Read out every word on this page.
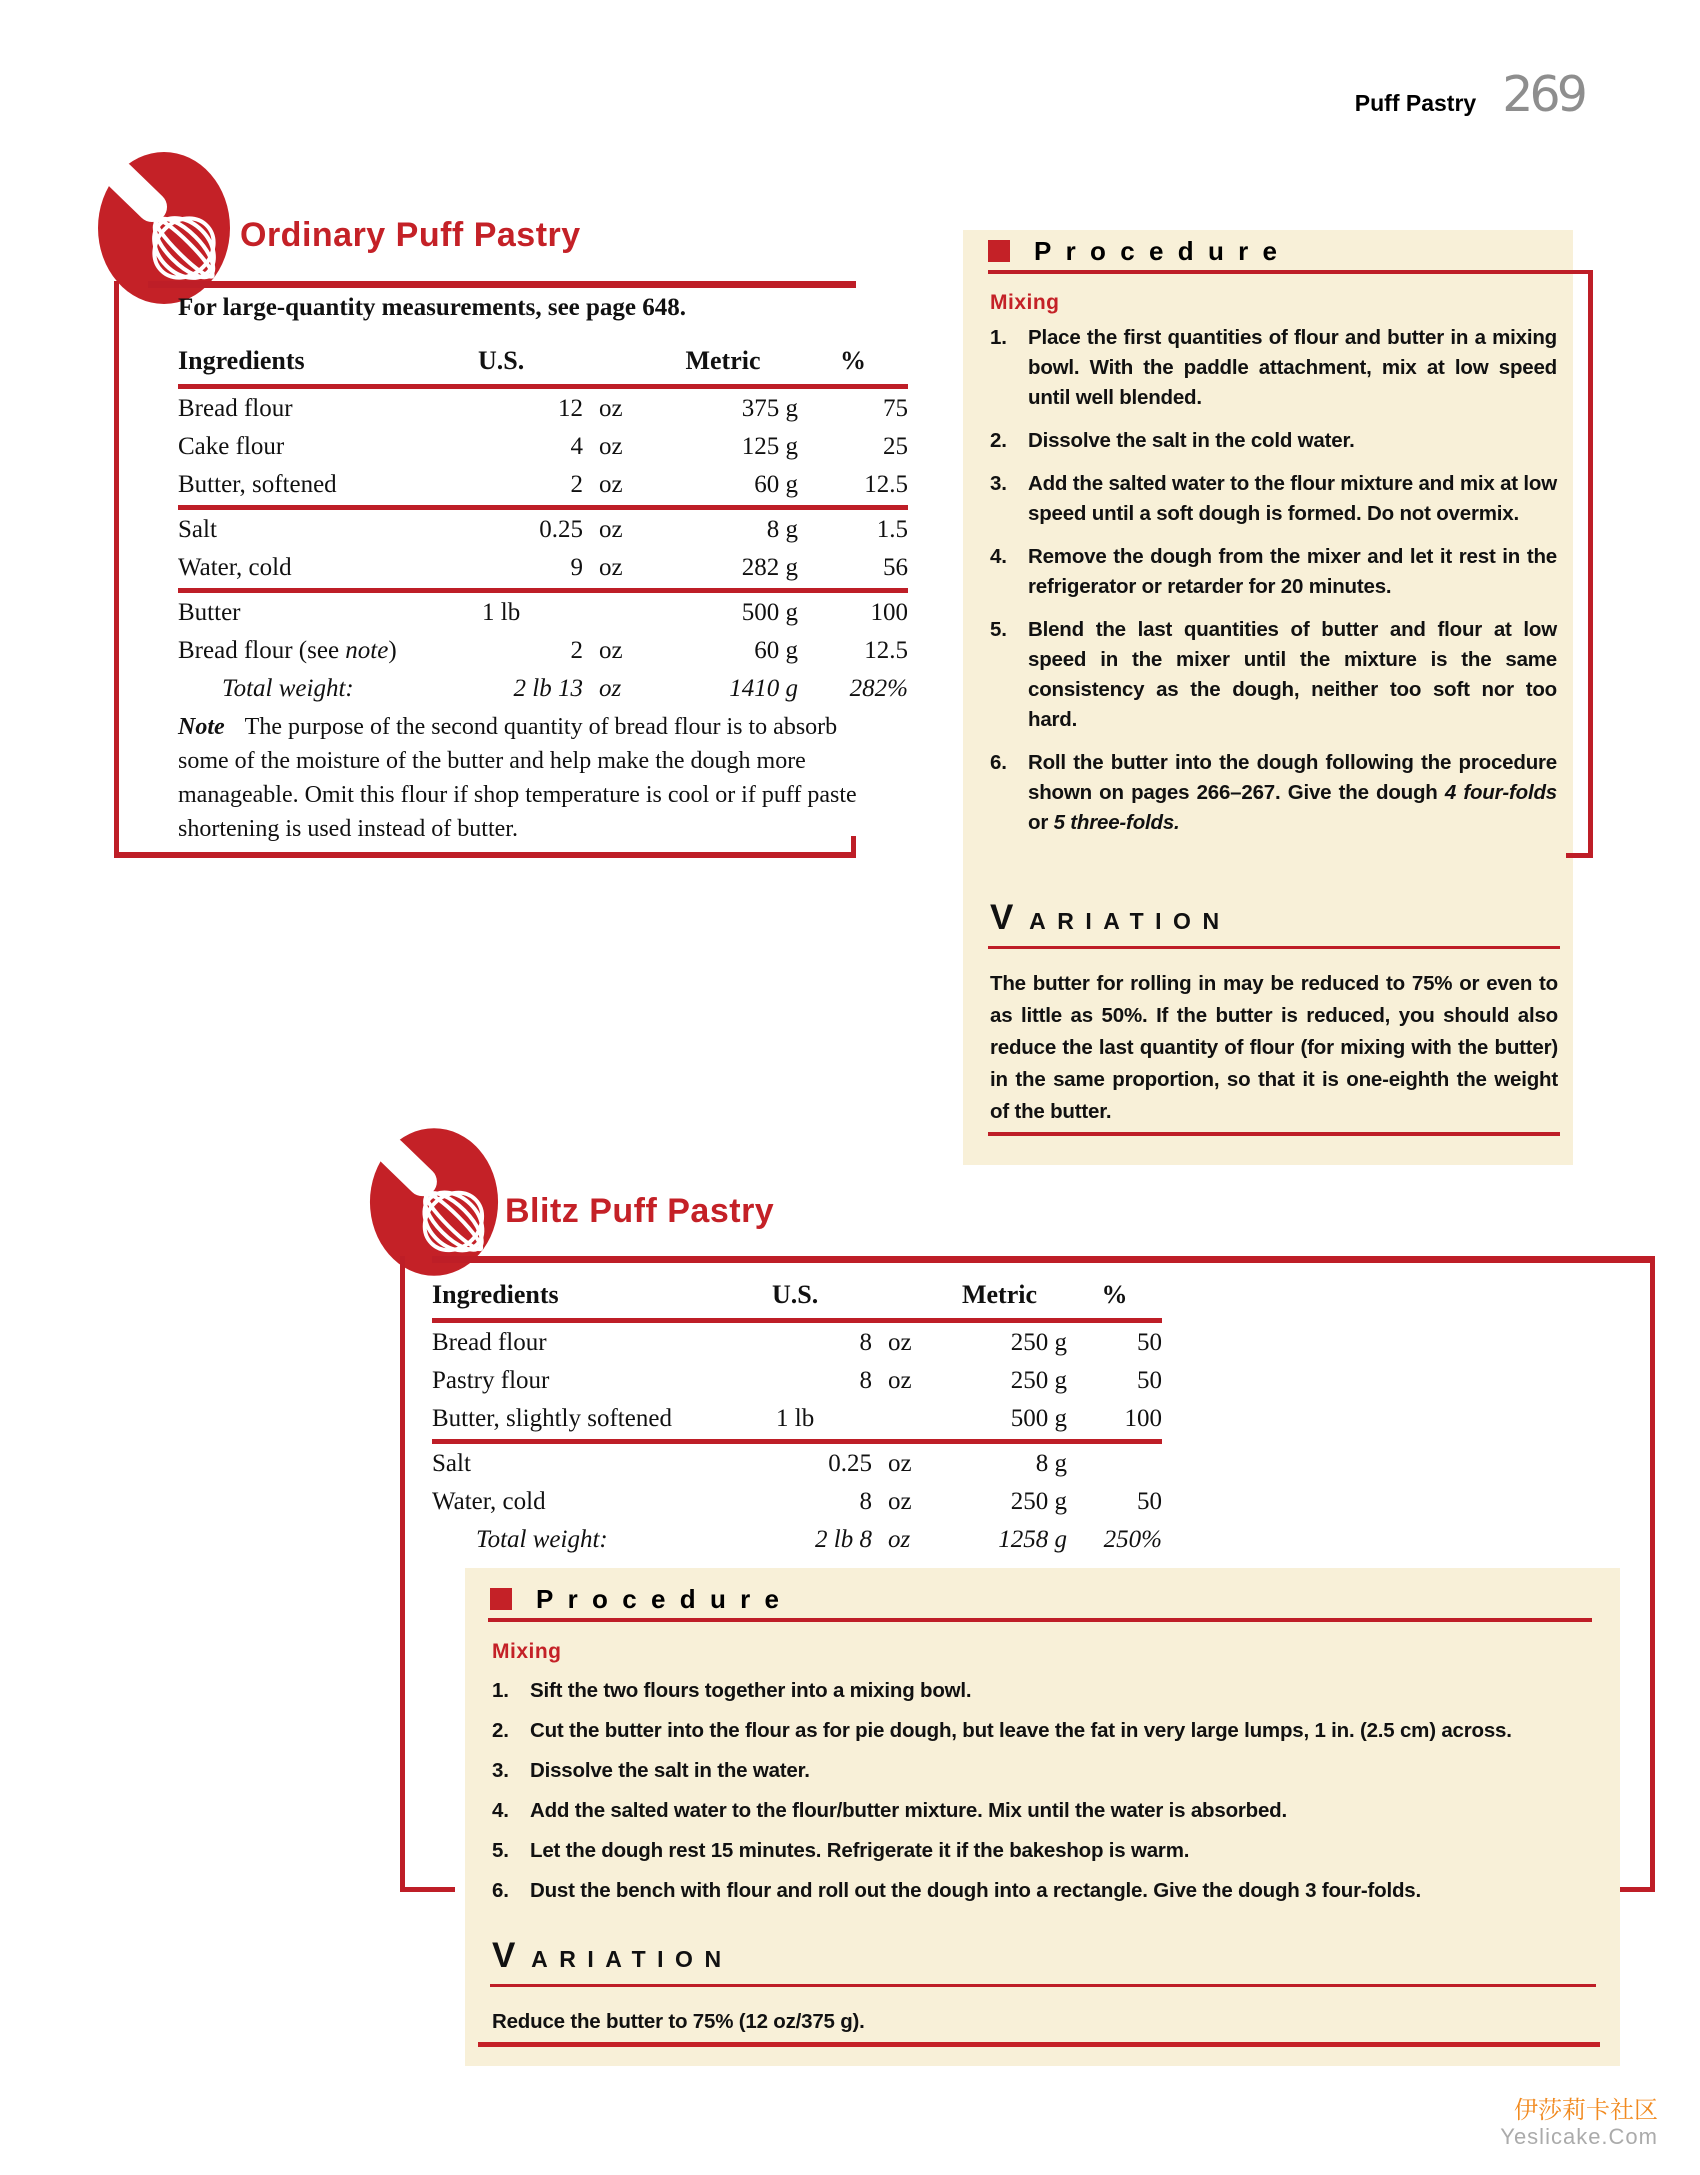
Puff Pastry 269
Ordinary Puff Pastry
For large-quantity measurements, see page 648.
Ingredients	U.S.	Metric	%
Bread flour	12 oz	375 g	75
Cake flour	4 oz	125 g	25
Butter, softened	2 oz	60 g	12.5
Salt	0.25 oz	8 g	1.5
Water, cold	9 oz	282 g	56
Butter	1 lb	500 g	100
Bread flour (see note)	2 oz	60 g	12.5
Total weight:	2 lb 13 oz	1410 g	282%
Note The purpose of the second quantity of bread flour is to absorb some of the moisture of the butter and help make the dough more manageable. Omit this flour if shop temperature is cool or if puff paste shortening is used instead of butter.
Procedure
Mixing
1.	Place the first quantities of flour and butter in a mixing bowl. With the paddle attachment, mix at low speed until well blended.
2.	Dissolve the salt in the cold water.
3.	Add the salted water to the flour mixture and mix at low speed until a soft dough is formed. Do not overmix.
4.	Remove the dough from the mixer and let it rest in the refrigerator or retarder for 20 minutes.
5.	Blend the last quantities of butter and flour at low speed in the mixer until the mixture is the same consistency as the dough, neither too soft nor too hard.
6.	Roll the butter into the dough following the procedure shown on pages 266–267. Give the dough 4 four-folds or 5 three-folds.
VARIATION
The butter for rolling in may be reduced to 75% or even to as little as 50%. If the butter is reduced, you should also reduce the last quantity of flour (for mixing with the butter) in the same proportion, so that it is one-eighth the weight of the butter.
Blitz Puff Pastry
Ingredients	U.S.	Metric	%
Bread flour	8 oz	250 g	50
Pastry flour	8 oz	250 g	50
Butter, slightly softened	1 lb	500 g	100
Salt	0.25 oz	8 g
Water, cold	8 oz	250 g	50
Total weight:	2 lb 8 oz	1258 g	250%
Procedure
Mixing
1.	Sift the two flours together into a mixing bowl.
2.	Cut the butter into the flour as for pie dough, but leave the fat in very large lumps, 1 in. (2.5 cm) across.
3.	Dissolve the salt in the water.
4.	Add the salted water to the flour/butter mixture. Mix until the water is absorbed.
5.	Let the dough rest 15 minutes. Refrigerate it if the bakeshop is warm.
6.	Dust the bench with flour and roll out the dough into a rectangle. Give the dough 3 four-folds.
VARIATION
Reduce the butter to 75% (12 oz/375 g).
伊莎莉卡社区
Yeslicake.Com
